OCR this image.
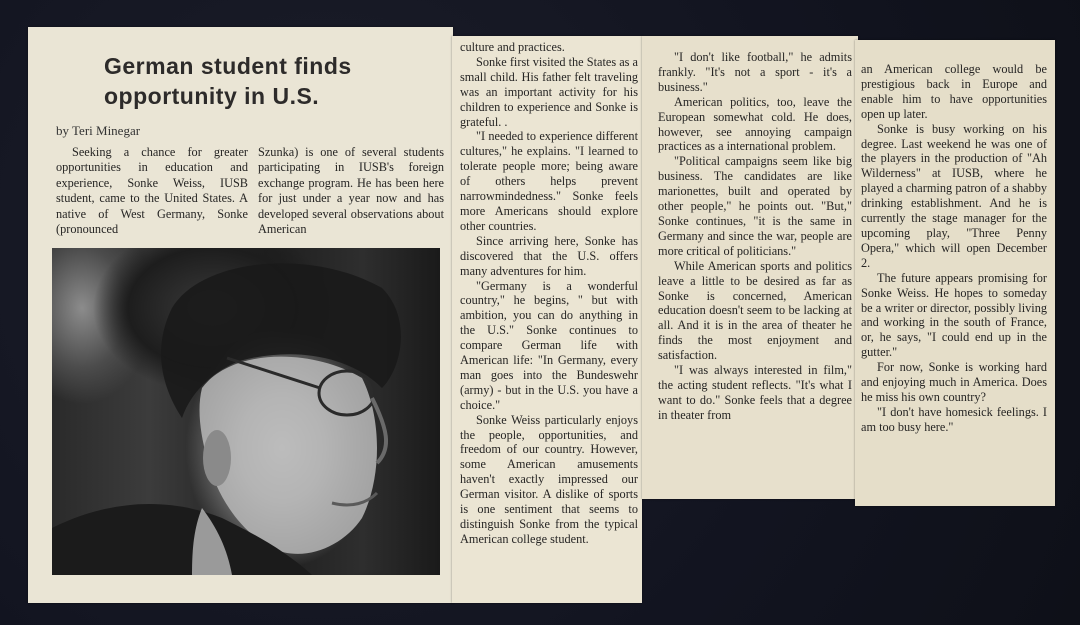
German student finds
opportunity in U.S.
by Teri Minegar

Seeking a chance for greater opportunities in education and experience, Sonke Weiss, IUSB student, came to the United States. A native of West Germany, Sonke (pronounced

Szunka) is one of several students participating in IUSB's foreign exchange program. He has been here for just under a year now and has developed several observations about American

culture and practices.

Sonke first visited the States as a small child. His father felt traveling was an important activity for his children to experience and Sonke is grateful. .

"I needed to experience different cultures," he explains. "I learned to tolerate people more; being aware of others helps prevent narrowmindedness." Sonke feels more Americans should explore other countries.

Since arriving here, Sonke has discovered that the U.S. offers many adventures for him.

"Germany is a wonderful country," he begins, " but with ambition, you can do anything in the U.S." Sonke continues to compare German life with American life: "In Germany, every man goes into the Bundeswehr (army) - but in the U.S. you have a choice."

Sonke Weiss particularly enjoys the people, opportunities, and freedom of our country. However, some American amusements haven't exactly impressed our German visitor. A dislike of sports is one sentiment that seems to distinguish Sonke from the typical American college student.

"I don't like football," he admits frankly. "It's not a sport - it's a business."

American politics, too, leave the European somewhat cold. He does, however, see annoying campaign practices as a international problem.

"Political campaigns seem like big business. The candidates are like marionettes, built and operated by other people," he points out. "But," Sonke continues, "it is the same in Germany and since the war, people are more critical of politicians."

While American sports and politics leave a little to be desired as far as Sonke is concerned, American education doesn't seem to be lacking at all. And it is in the area of theater he finds the most enjoyment and satisfaction.

"I was always interested in film," the acting student reflects. "It's what I want to do." Sonke feels that a degree in theater from

an American college would be prestigious back in Europe and enable him to have opportunities open up later.

Sonke is busy working on his degree. Last weekend he was one of the players in the production of "Ah Wilderness" at IUSB, where he played a charming patron of a shabby drinking establishment. And he is currently the stage manager for the upcoming play, "Three Penny Opera," which will open December 2.

The future appears promising for Sonke Weiss. He hopes to someday be a writer or director, possibly living and working in the south of France, or, he says, "I could end up in the gutter."

For now, Sonke is working hard and enjoying much in America. Does he miss his own country?

"I don't have homesick feelings. I am too busy here."
